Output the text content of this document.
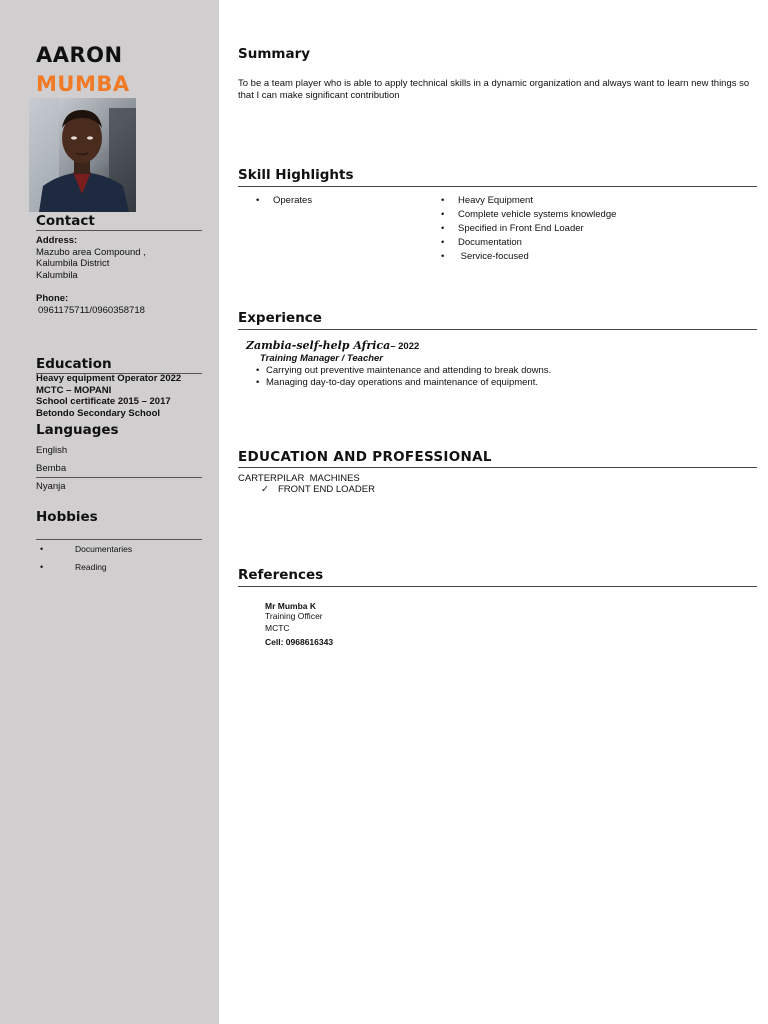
AARON
MUMBA
Contact
Address:
Mazubo area Compound ,
Kalumbila District
Kalumbila
Phone:
0961175711/0960358718
Education
Heavy equipment Operator 2022
MCTC – MOPANI
School certificate 2015 – 2017
Betondo Secondary School
Languages
English
Bemba
Nyanja
Hobbies
•	Documentaries
•	Reading
Summary
To be a team player who is able to apply technical skills in a dynamic organization and always want to learn new things so that I can make significant contribution
Skill Highlights
• Operates	• Heavy Equipment
• Complete vehicle systems knowledge
• Specified in Front End Loader
• Documentation
• Service-focused
Experience
Zambia-self-help Africa– 2022
Training Manager / Teacher
• Carrying out preventive maintenance and attending to break downs.
• Managing day-to-day operations and maintenance of equipment.
EDUCATION AND PROFESSIONAL
CARTERPILAR  MACHINES
✓ FRONT END LOADER
References
Mr Mumba K
Training Officer
MCTC
Cell: 0968616343
